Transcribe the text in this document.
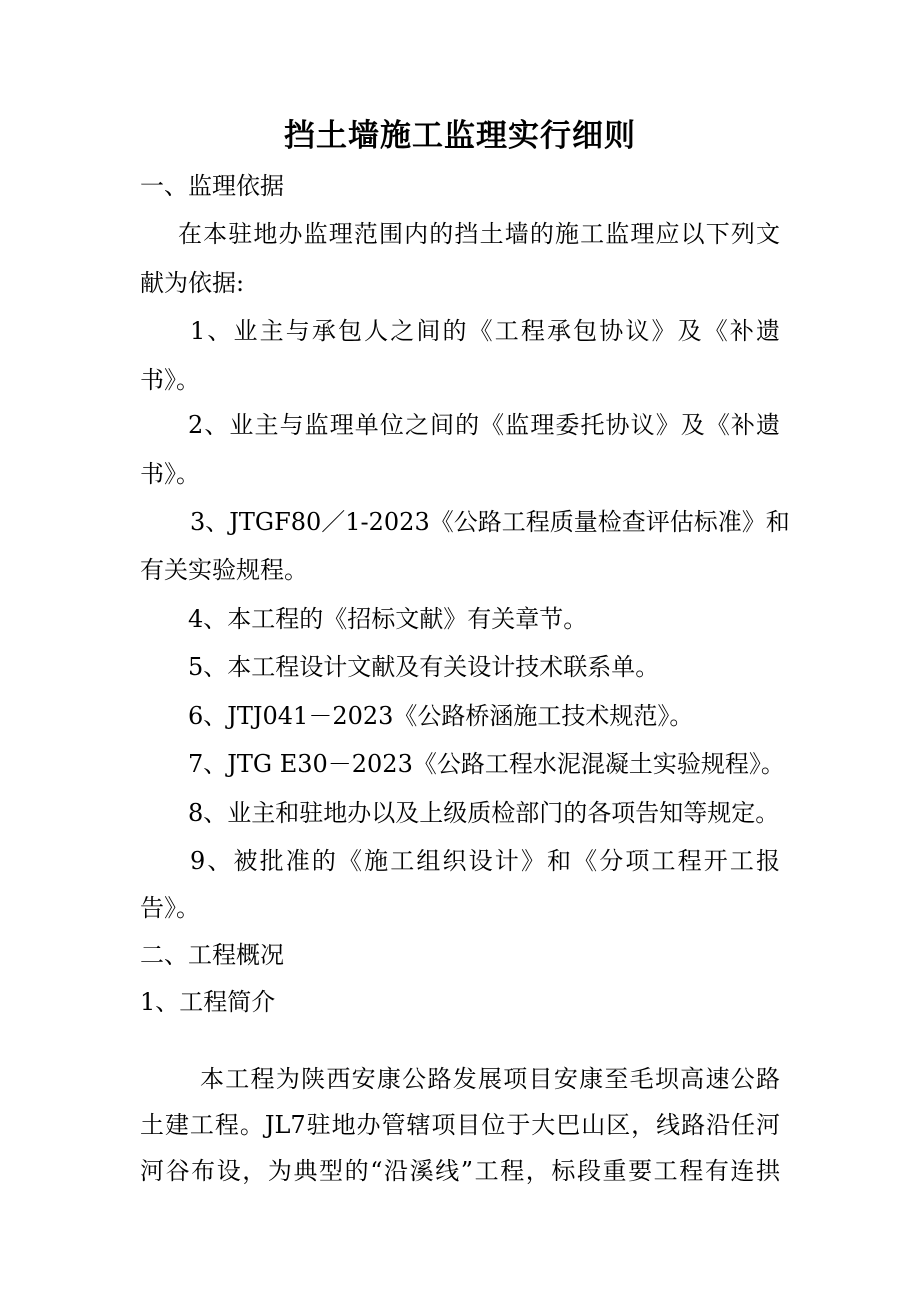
挡土墙施工监理实行细则

一、监理依据

在本驻地办监理范围内的挡土墙的施工监理应以下列文

献为依据:

1、业主与承包人之间的《工程承包协议》及《补遗

书》。

2、业主与监理单位之间的《监理委托协议》及《补遗

书》。

3、JTGF80／1-2023《公路工程质量检查评估标准》和

有关实验规程。

4、本工程的《招标文献》有关章节。

5、本工程设计文献及有关设计技术联系单。

6、JTJ041－2023《公路桥涵施工技术规范》。

7、JTG E30－2023《公路工程水泥混凝土实验规程》。

8、业主和驻地办以及上级质检部门的各项告知等规定。

9、被批准的《施工组织设计》和《分项工程开工报

告》。

二、工程概况

1、工程简介

本工程为陕西安康公路发展项目安康至毛坝高速公路

土建工程。JL7驻地办管辖项目位于大巴山区，线路沿任河

河谷布设，为典型的“沿溪线”工程，标段重要工程有连拱
